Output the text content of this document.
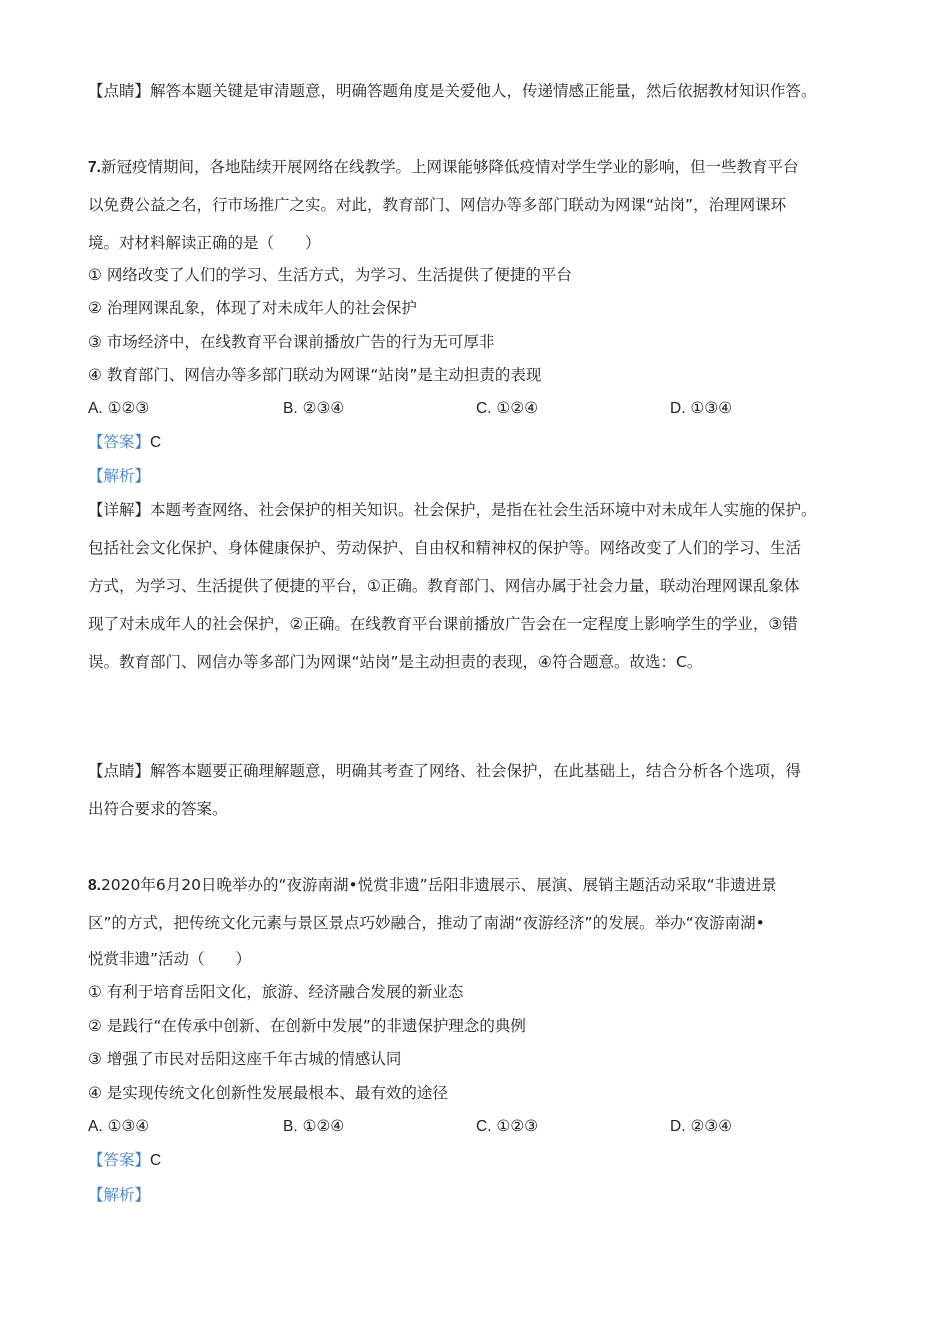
【点睛】解答本题关键是审清题意，明确答题角度是关爱他人，传递情感正能量，然后依据教材知识作答。
7.新冠疫情期间，各地陆续开展网络在线教学。上网课能够降低疫情对学生学业的影响，但一些教育平台
以免费公益之名，行市场推广之实。对此，教育部门、网信办等多部门联动为网课“站岗”，治理网课环
境。对材料解读正确的是（　　）
① 网络改变了人们的学习、生活方式，为学习、生活提供了便捷的平台
② 治理网课乱象，体现了对未成年人的社会保护
③ 市场经济中，在线教育平台课前播放广告的行为无可厚非
④ 教育部门、网信办等多部门联动为网课“站岗”是主动担责的表现
A. ①②③	B. ②③④	C. ①②④	D. ①③④
【答案】C
【解析】
【详解】本题考查网络、社会保护的相关知识。社会保护，是指在社会生活环境中对未成年人实施的保护。
包括社会文化保护、身体健康保护、劳动保护、自由权和精神权的保护等。网络改变了人们的学习、生活
方式，为学习、生活提供了便捷的平台，①正确。教育部门、网信办属于社会力量，联动治理网课乱象体
现了对未成年人的社会保护，②正确。在线教育平台课前播放广告会在一定程度上影响学生的学业，③错
误。教育部门、网信办等多部门为网课“站岗”是主动担责的表现，④符合题意。故选：C。
【点睛】解答本题要正确理解题意，明确其考查了网络、社会保护，在此基础上，结合分析各个选项，得
出符合要求的答案。
8.2020年6月20日晚举办的“夜游南湖•悦赏非遗”岳阳非遗展示、展演、展销主题活动采取“非遗进景
区”的方式，把传统文化元素与景区景点巧妙融合，推动了南湖“夜游经济”的发展。举办“夜游南湖•
悦赏非遗”活动（　　）
① 有利于培育岳阳文化，旅游、经济融合发展的新业态
② 是践行“在传承中创新、在创新中发展”的非遗保护理念的典例
③ 增强了市民对岳阳这座千年古城的情感认同
④ 是实现传统文化创新性发展最根本、最有效的途径
A. ①③④	B. ①②④	C. ①②③	D. ②③④
【答案】C
【解析】
